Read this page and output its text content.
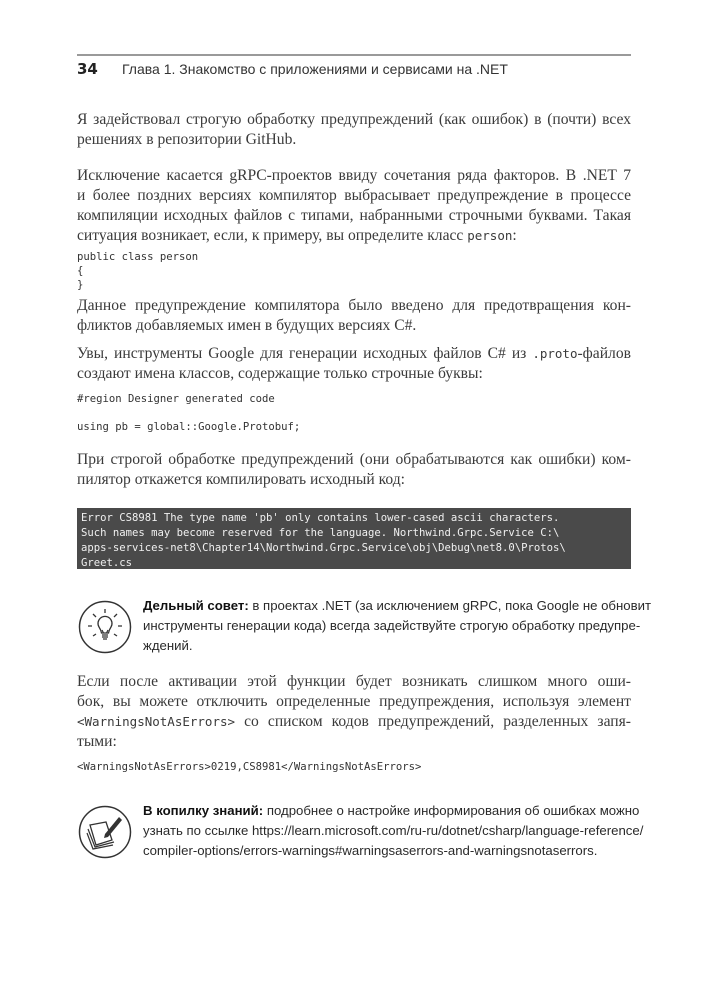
34 Глава 1. Знакомство с приложениями и сервисами на .NET
Я задействовал строгую обработку предупреждений (как ошибок) в (почти) всех
решениях в репозитории GitHub.
Исключение касается gRPC-проектов ввиду сочетания ряда факторов. В .NET 7
и более поздних версиях компилятор выбрасывает предупреждение в процессе
компиляции исходных файлов с типами, набранными строчными буквами. Такая
ситуация возникает, если, к примеру, вы определите класс person:
public class person
{
}
Данное предупреждение компилятора было введено для предотвращения кон-
фликтов добавляемых имен в будущих версиях C#.
Увы, инструменты Google для генерации исходных файлов C# из .proto-файлов
создают имена классов, содержащие только строчные буквы:
#region Designer generated code

using pb = global::Google.Protobuf;
При строгой обработке предупреждений (они обрабатываются как ошибки) ком-
пилятор откажется компилировать исходный код:
Error CS8981 The type name 'pb' only contains lower-cased ascii characters.
Such names may become reserved for the language. Northwind.Grpc.Service C:\
apps-services-net8\Chapter14\Northwind.Grpc.Service\obj\Debug\net8.0\Protos\
Greet.cs
Дельный совет: в проектах .NET (за исключением gRPC, пока Google не обновит
инструменты генерации кода) всегда задействуйте строгую обработку предупре-
ждений.
Если после активации этой функции будет возникать слишком много оши-
бок, вы можете отключить определенные предупреждения, используя элемент
<WarningsNotAsErrors> со списком кодов предупреждений, разделенных запя-
тыми:
<WarningsNotAsErrors>0219,CS8981</WarningsNotAsErrors>
В копилку знаний: подробнее о настройке информирования об ошибках можно
узнать по ссылке https://learn.microsoft.com/ru-ru/dotnet/csharp/language-reference/
compiler-options/errors-warnings#warningsaserrors-and-warningsnotaserrors.
